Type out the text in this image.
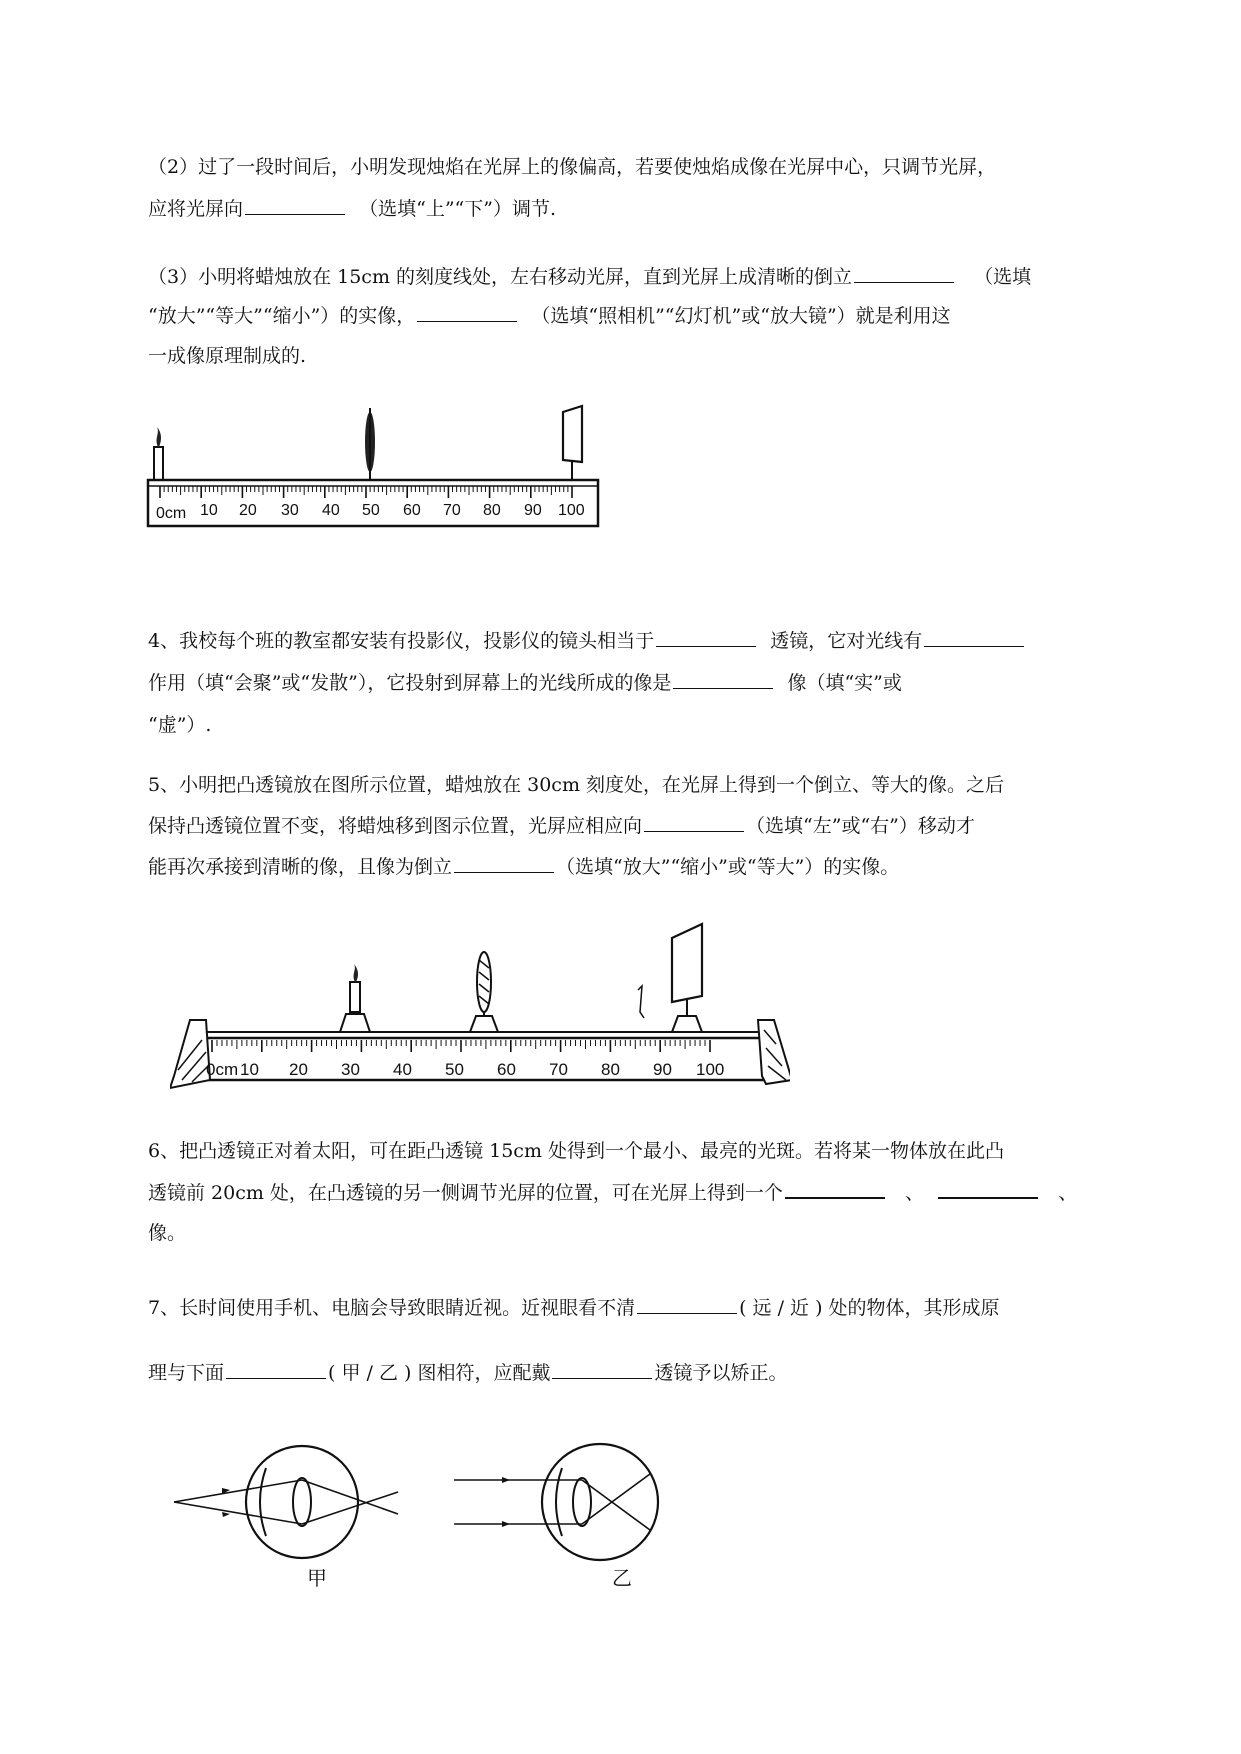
（2）过了一段时间后，小明发现烛焰在光屏上的像偏高，若要使烛焰成像在光屏中心，只调节光屏，
应将光屏向	（选填“上”“下”）调节.
（3）小明将蜡烛放在 15cm 的刻度线处，左右移动光屏，直到光屏上成清晰的倒立	（选填
“放大”“等大”“缩小”）的实像，	（选填“照相机”“幻灯机”或“放大镜”）就是利用这
一成像原理制成的.
0cm 10 20 30 40 50 60 70 80 90 100
4、我校每个班的教室都安装有投影仪，投影仪的镜头相当于	透镜，它对光线有
作用（填“会聚”或“发散”），它投射到屏幕上的光线所成的像是	像（填“实”或
“虚”）.
5、小明把凸透镜放在图所示位置，蜡烛放在 30cm 刻度处，在光屏上得到一个倒立、等大的像。之后
保持凸透镜位置不变，将蜡烛移到图示位置，光屏应相应向	（选填“左”或“右”）移动才
能再次承接到清晰的像，且像为倒立	（选填“放大”“缩小”或“等大”）的实像。
0cm 10 20 30 40 50 60 70 80 90 100
6、把凸透镜正对着太阳，可在距凸透镜 15cm 处得到一个最小、最亮的光斑。若将某一物体放在此凸
透镜前 20cm 处，在凸透镜的另一侧调节光屏的位置，可在光屏上得到一个	、	、
像。
7、长时间使用手机、电脑会导致眼睛近视。近视眼看不清	( 远 / 近 ) 处的物体，其形成原
理与下面	( 甲 / 乙 ) 图相符，应配戴	透镜予以矫正。
甲	乙
